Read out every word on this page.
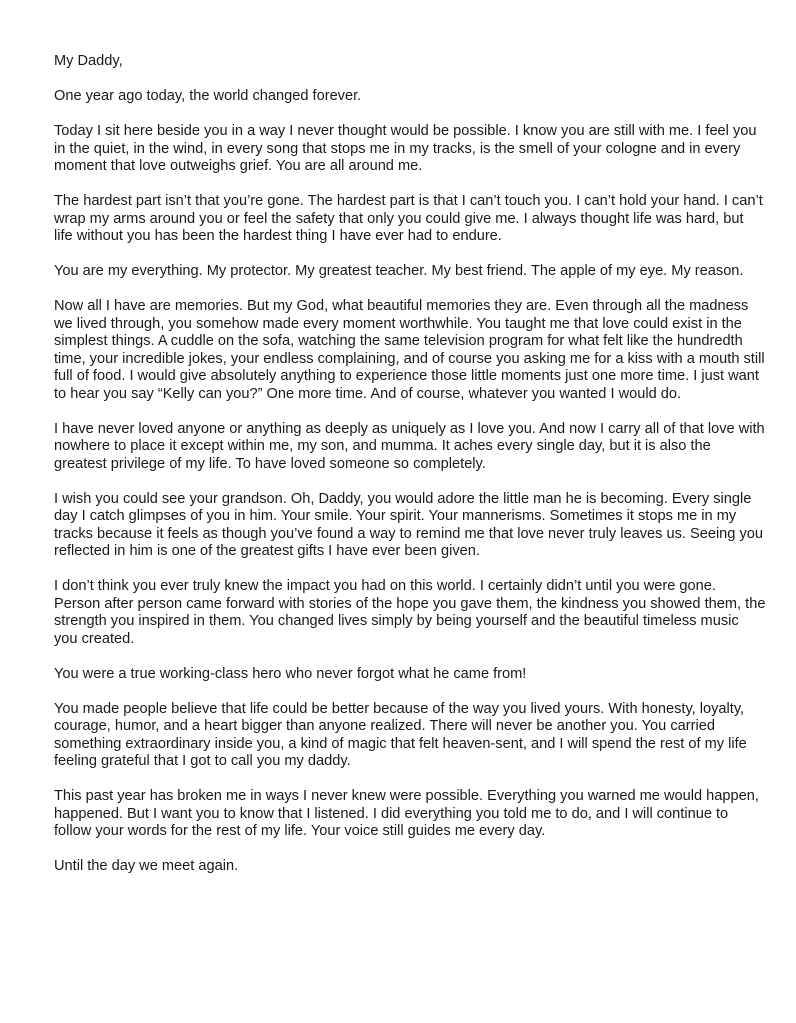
My Daddy,

One year ago today, the world changed forever.

Today I sit here beside you in a way I never thought would be possible. I know you are still with me. I feel you in the quiet, in the wind, in every song that stops me in my tracks, is the smell of your cologne and in every moment that love outweighs grief. You are all around me.

The hardest part isn’t that you’re gone. The hardest part is that I can’t touch you. I can’t hold your hand. I can’t wrap my arms around you or feel the safety that only you could give me. I always thought life was hard, but life without you has been the hardest thing I have ever had to endure.

You are my everything. My protector. My greatest teacher. My best friend. The apple of my eye. My reason.

Now all I have are memories. But my God, what beautiful memories they are. Even through all the madness we lived through, you somehow made every moment worthwhile. You taught me that love could exist in the simplest things. A cuddle on the sofa, watching the same television program for what felt like the hundredth time, your incredible jokes, your endless complaining, and of course you asking me for a kiss with a mouth still full of food. I would give absolutely anything to experience those little moments just one more time. I just want to hear you say “Kelly can you?” One more time. And of course, whatever you wanted I would do.

I have never loved anyone or anything as deeply as uniquely as I love you. And now I carry all of that love with nowhere to place it except within me, my son, and mumma. It aches every single day, but it is also the greatest privilege of my life. To have loved someone so completely.

I wish you could see your grandson. Oh, Daddy, you would adore the little man he is becoming. Every single day I catch glimpses of you in him. Your smile. Your spirit. Your mannerisms. Sometimes it stops me in my tracks because it feels as though you’ve found a way to remind me that love never truly leaves us. Seeing you reflected in him is one of the greatest gifts I have ever been given.

I don’t think you ever truly knew the impact you had on this world. I certainly didn’t until you were gone. Person after person came forward with stories of the hope you gave them, the kindness you showed them, the strength you inspired in them. You changed lives simply by being yourself and the beautiful timeless music you created.

You were a true working-class hero who never forgot what he came from!

You made people believe that life could be better because of the way you lived yours. With honesty, loyalty, courage, humor, and a heart bigger than anyone realized. There will never be another you. You carried something extraordinary inside you, a kind of magic that felt heaven-sent, and I will spend the rest of my life feeling grateful that I got to call you my daddy.

This past year has broken me in ways I never knew were possible. Everything you warned me would happen, happened. But I want you to know that I listened. I did everything you told me to do, and I will continue to follow your words for the rest of my life. Your voice still guides me every day.

Until the day we meet again.
